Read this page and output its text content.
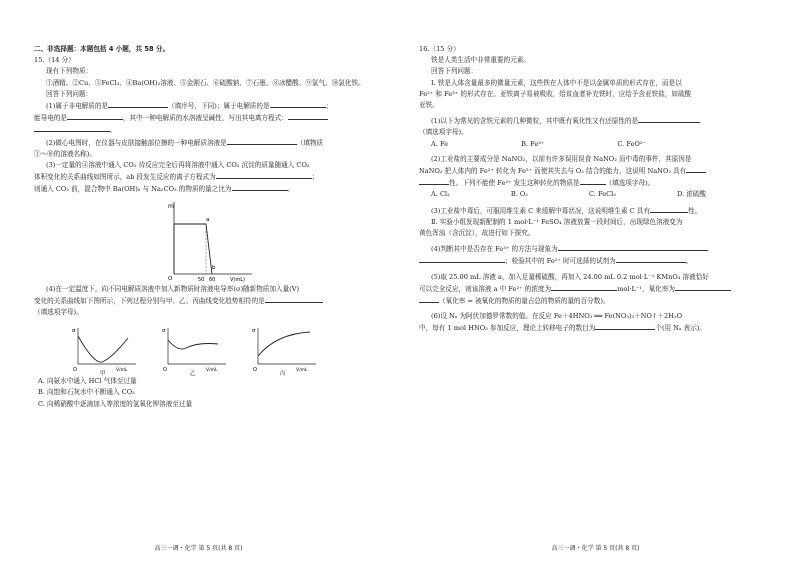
二、非选择题：本题包括 4 小题，共 58 分。
15.（14 分）
现有下列物质：
①酒精、②Cu、③FeCl₃、④Ba(OH)₂溶液、⑤金刚石、⑥硫酸钠、⑦石墨、⑧冰醋酸、⑨氯气、⑩氯化铁。
回答下列问题：
(1)属于非电解质的是	（填序号，下同)；属于电解质的是	；
能导电的是	，其中一种电解质的水溶液呈碱性，写出其电离方程式：
。
(2)做心电图时，在仪器与皮肤接触部位擦的一种电解质溶液是	（填物质
①～⑩的溶液名称)。
(3)一定量的④溶液中通入 CO₂ 待反应完全后再将溶液中通入 CO₂ 沉淀的质量随通入 CO₂
体积变化的关系曲线如图所示，ab 段发生反应的离子方程式为	；
则通入 CO₂ 前，混合物中 Ba(OH)₂ 与 Na₂CO₃ 的物质的量之比为	。
m
O
a
b
50 60	V(mL)
(4)在一定温度下，向不同电解质溶液中加入新物质时溶液电导率(σ)随新物质加入量(V)
变化的关系曲线如下图所示，下列过程分别与甲、乙、丙曲线变化趋势相符的是
（填选项字母)。
σ
O	V/mL
甲
σ
O	V/mL
乙
σ
O	V/mL
丙
A. 向氨水中通入 HCl 气体至过量
B. 向饱和石灰水中不断通入 CO₂
C. 向稀硝酸中逐滴加入等浓度的氢氧化钾溶液至过量
高三一调・化学 第 5 页(共 8 页)
16.（15 分）
铁是人类生活中非常重要的元素。
回答下列问题：
Ⅰ. 铁是人体含量最多的微量元素，这些铁在人体中不是以金属单质的形式存在，而是以
Fe²⁺ 和 Fe³⁺ 的形式存在。亚铁离子易被吸收，给贫血者补充铁时，应给予含亚铁盐，如硫酸
亚铁。
(1)以下为常见的含铁元素的几种微粒，其中既有氧化性又有还原性的是
（填选项字母)。
A. Fe	B. Fe³⁺	C. FeO²⁻
(2)工业盐的主要成分是 NaNO₂，以前有许多误用误食 NaNO₂ 而中毒的事件，其原因是
NaNO₂ 把人体内的 Fe²⁺ 转化为 Fe³⁺ 而使其失去与 O₂ 结合的能力，这说明 NaNO₂ 具有
性。下列不能使 Fe²⁺ 发生这种转化的物质是	（填选项字母)。
A. Cl₂	B. O₂	C. FeCl₃	D. 浓硫酸
(3)工业盐中毒后，可服用维生素 C 来缓解中毒状况，这说明维生素 C 具有	性。
Ⅱ. 实验小组发现新配制的 1 mol·L⁻¹ FeSO₄ 溶液放置一段时间后，出现绿色溶液变为
黄色浑浊（含沉淀），故进行如下探究。
(4)判断其中是否存在 Fe³⁺ 的方法与现象为
；检验其中的 Fe²⁺ 时可选择的试剂为	。
(5)取 25.00 mL 溶液 a，加入足量稀硫酸，再加入 24.00 mL 0.2 mol·L⁻¹ KMnO₄ 溶液恰好
可以完全反应，则该溶液 a 中 Fe²⁺ 的浓度为	mol·L⁻¹，氧化率为
（氧化率 = 被氧化的物质的量占总的物质的量的百分数)。
(6)设 Nₐ 为阿伏加德罗常数的值。在反应 Fe＋4HNO₃ ══ Fe(NO₃)₃＋NO↑＋2H₂O
中，每有 1 mol HNO₃ 参加反应，理论上转移电子的数目为	个(用 Nₐ 表示)。
高三一调・化学 第 5 页(共 8 页)
